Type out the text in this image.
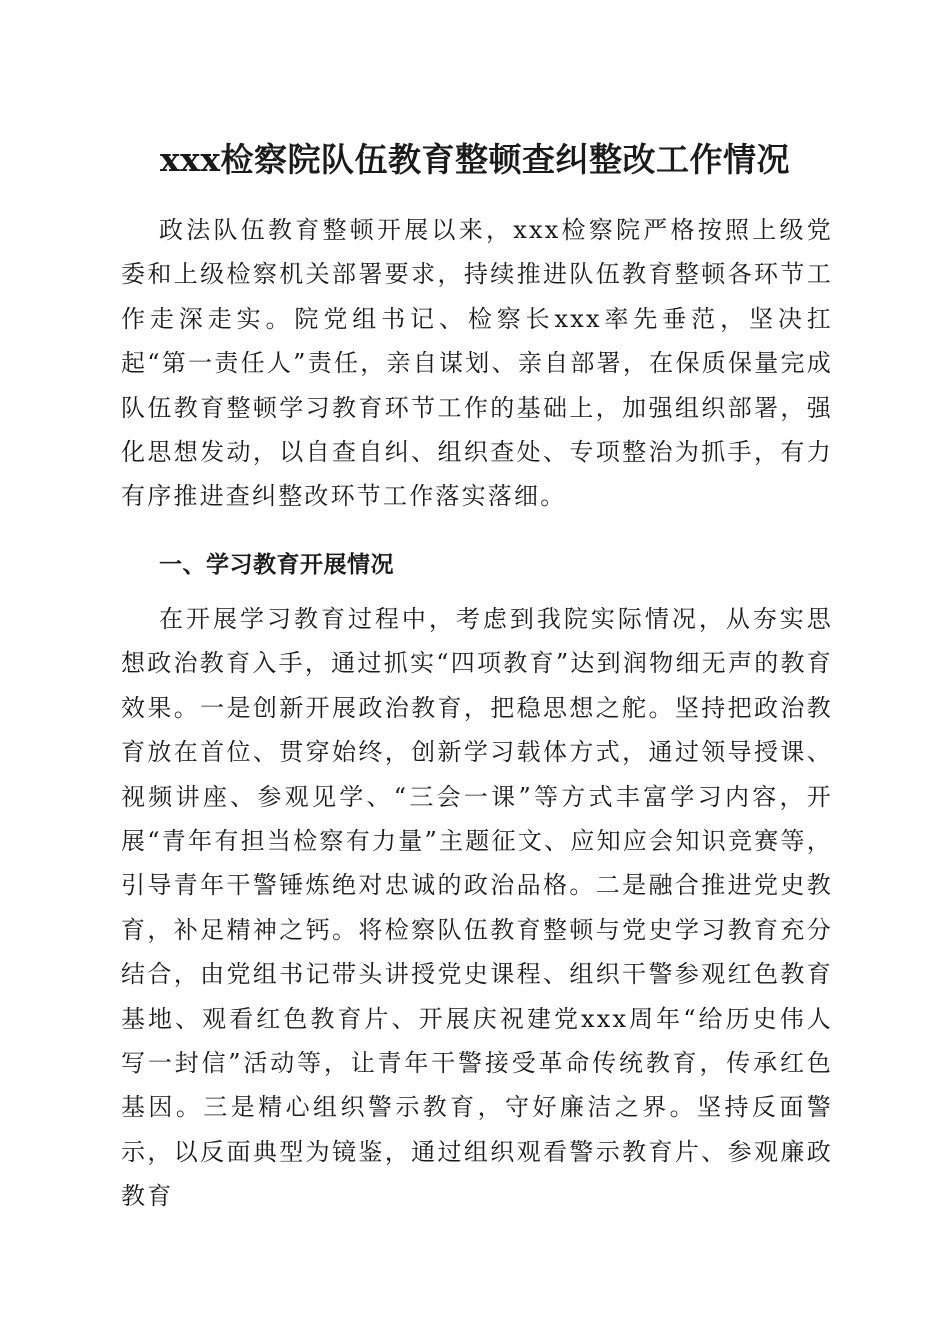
xxx检察院队伍教育整顿查纠整改工作情况

政法队伍教育整顿开展以来，xxx检察院严格按照上级党委和上级检察机关部署要求，持续推进队伍教育整顿各环节工作走深走实。院党组书记、检察长xxx率先垂范，坚决扛起“第一责任人”责任，亲自谋划、亲自部署，在保质保量完成队伍教育整顿学习教育环节工作的基础上，加强组织部署，强化思想发动，以自查自纠、组织查处、专项整治为抓手，有力有序推进查纠整改环节工作落实落细。

一、学习教育开展情况

在开展学习教育过程中，考虑到我院实际情况，从夯实思想政治教育入手，通过抓实“四项教育”达到润物细无声的教育效果。一是创新开展政治教育，把稳思想之舵。坚持把政治教育放在首位、贯穿始终，创新学习载体方式，通过领导授课、视频讲座、参观见学、“三会一课”等方式丰富学习内容，开展“青年有担当检察有力量”主题征文、应知应会知识竞赛等，引导青年干警锤炼绝对忠诚的政治品格。二是融合推进党史教育，补足精神之钙。将检察队伍教育整顿与党史学习教育充分结合，由党组书记带头讲授党史课程、组织干警参观红色教育基地、观看红色教育片、开展庆祝建党xxx周年“给历史伟人写一封信”活动等，让青年干警接受革命传统教育，传承红色基因。三是精心组织警示教育，守好廉洁之界。坚持反面警示，以反面典型为镜鉴，通过组织观看警示教育片、参观廉政教育
